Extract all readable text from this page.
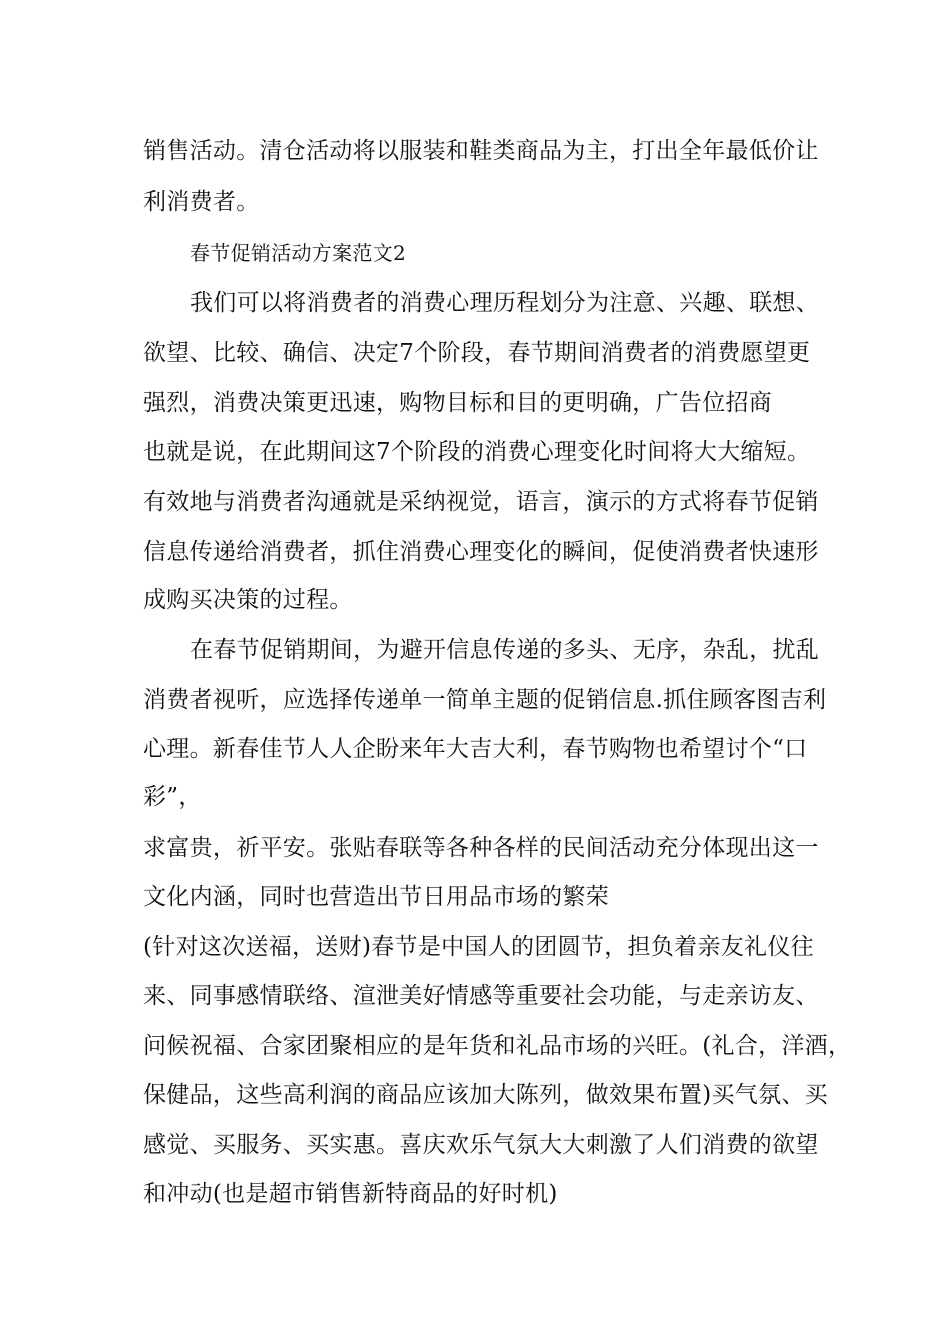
销售活动。清仓活动将以服装和鞋类商品为主，打出全年最低价让
利消费者。
春节促销活动方案范文2
我们可以将消费者的消费心理历程划分为注意、兴趣、联想、
欲望、比较、确信、决定7个阶段，春节期间消费者的消费愿望更
强烈，消费决策更迅速，购物目标和目的更明确，广告位招商
也就是说，在此期间这7个阶段的消费心理变化时间将大大缩短。
有效地与消费者沟通就是采纳视觉，语言，演示的方式将春节促销
信息传递给消费者，抓住消费心理变化的瞬间，促使消费者快速形
成购买决策的过程。
在春节促销期间，为避开信息传递的多头、无序，杂乱，扰乱
消费者视听，应选择传递单一简单主题的促销信息.抓住顾客图吉利
心理。新春佳节人人企盼来年大吉大利，春节购物也希望讨个“口
彩”，
求富贵，祈平安。张贴春联等各种各样的民间活动充分体现出这一
文化内涵，同时也营造出节日用品市场的繁荣
(针对这次送福，送财)春节是中国人的团圆节，担负着亲友礼仪往
来、同事感情联络、渲泄美好情感等重要社会功能，与走亲访友、
问候祝福、合家团聚相应的是年货和礼品市场的兴旺。(礼合，洋酒，
保健品，这些高利润的商品应该加大陈列，做效果布置)买气氛、买
感觉、买服务、买实惠。喜庆欢乐气氛大大刺激了人们消费的欲望
和冲动(也是超市销售新特商品的好时机)
